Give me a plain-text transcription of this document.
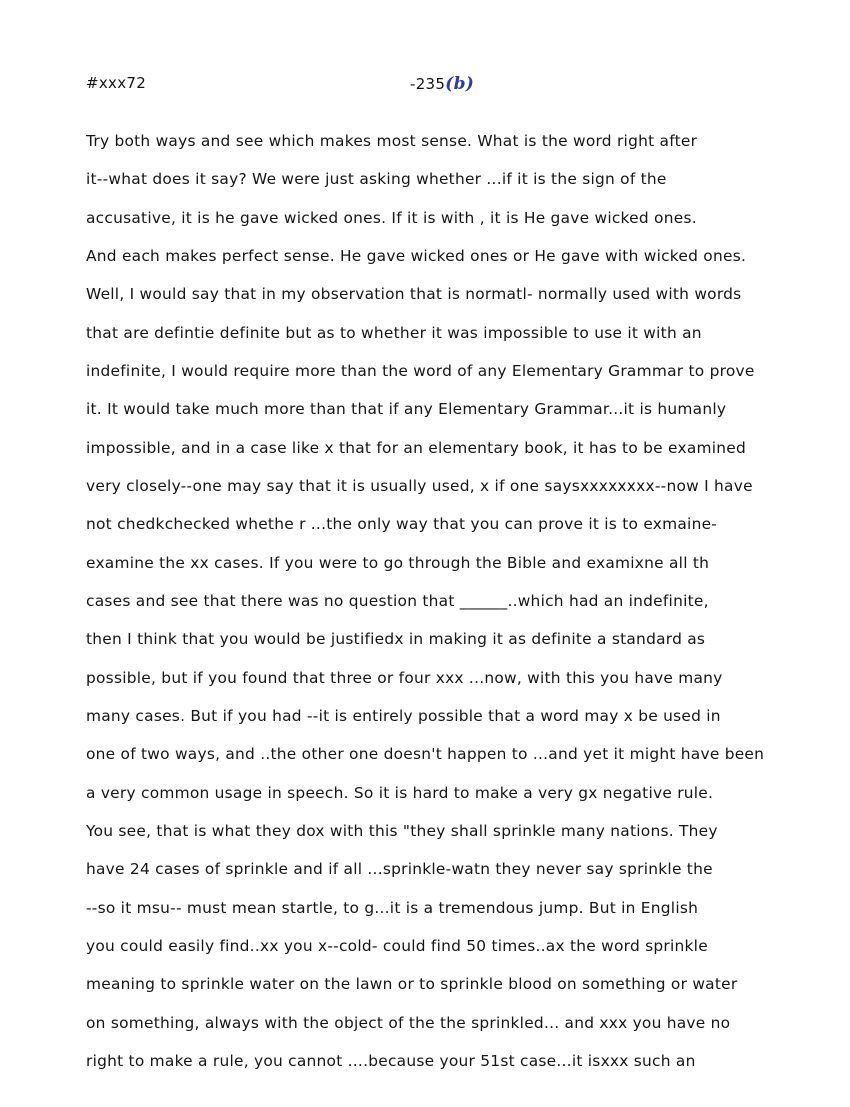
#xxx72	-235(b)
Try both ways and see which makes most sense. What is the word right after
it--what does it say? We were just asking whether ...if it is the sign of the
accusative, it is he gave wicked ones. If it is with , it is He gave wicked ones.
And each makes perfect sense. He gave wicked ones or He gave with wicked ones.
Well, I would say that in my observation that is normatl- normally used with words
that are defintie definite but as to whether it was impossible to use it with an
indefinite, I would require more than the word of any Elementary Grammar to prove
it. It would take much more than that if any Elementary Grammar...it is humanly
impossible, and in a case like x that for an elementary book, it has to be examined
very closely--one may say that it is usually used, x if one saysxxxxxxxx--now I have
not chedkchecked whethe r ...the only way that you can prove it is to exmaine-
examine the xx cases. If you were to go through the Bible and examixne all th
cases and see that there was no question that ______..which had an indefinite,
then I think that you would be justifiedx in making it as definite a standard as
possible, but if you found that three or four xxx ...now, with this you have many
many cases. But if you had --it is entirely possible that a word may x be used in
one of two ways, and ..the other one doesn't happen to ...and yet it might have been
a very common usage in speech. So it is hard to make a very gx negative rule.
You see, that is what they dox with this "they shall sprinkle many nations. They
have 24 cases of sprinkle and if all ...sprinkle-watn they never say sprinkle the
--so it msu-- must mean startle, to g...it is a tremendous jump. But in English
you could easily find..xx you x--cold- could find 50 times..ax the word sprinkle
meaning to sprinkle water on the lawn or to sprinkle blood on something or water
on something, always with the object of the the sprinkled... and xxx you have no
right to make a rule, you cannot ....because your 51st case...it isxxx such an
